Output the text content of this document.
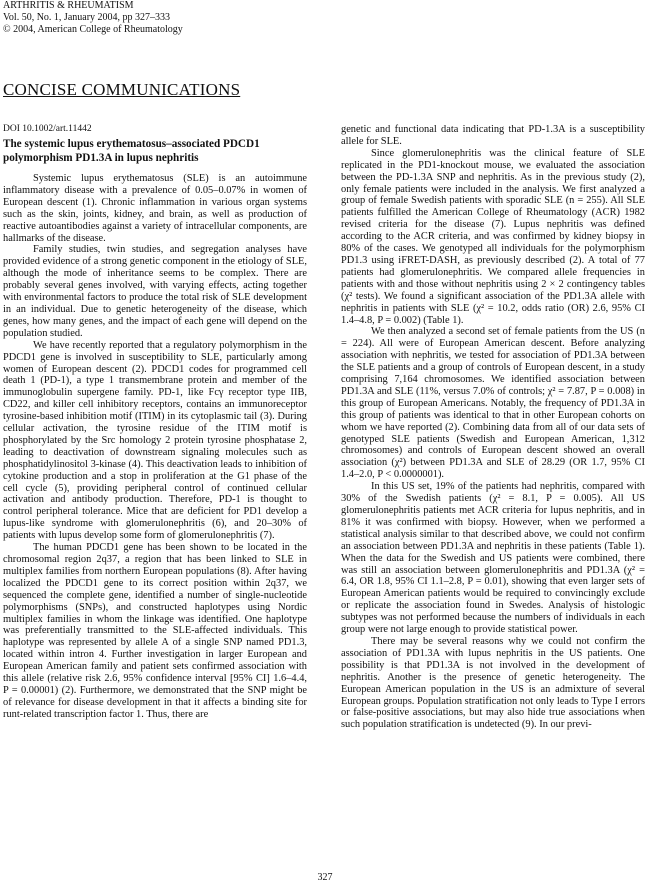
ARTHRITIS & RHEUMATISM
Vol. 50, No. 1, January 2004, pp 327–333
© 2004, American College of Rheumatology
CONCISE COMMUNICATIONS
DOI 10.1002/art.11442
The systemic lupus erythematosus–associated PDCD1 polymorphism PD1.3A in lupus nephritis

Systemic lupus erythematosus (SLE) is an autoimmune inflammatory disease with a prevalence of 0.05–0.07% in women of European descent (1). Chronic inflammation in various organ systems such as the skin, joints, kidney, and brain, as well as production of reactive autoantibodies against a variety of intracellular components, are hallmarks of the disease.

Family studies, twin studies, and segregation analyses have provided evidence of a strong genetic component in the etiology of SLE, although the mode of inheritance seems to be complex. There are probably several genes involved, with varying effects, acting together with environmental factors to produce the total risk of SLE development in an individual. Due to genetic heterogeneity of the disease, which genes, how many genes, and the impact of each gene will depend on the population studied.

We have recently reported that a regulatory polymorphism in the PDCD1 gene is involved in susceptibility to SLE, particularly among women of European descent (2). PDCD1 codes for programmed cell death 1 (PD-1), a type 1 transmembrane protein and member of the immunoglobulin supergene family. PD-1, like Fcγ receptor type IIB, CD22, and killer cell inhibitory receptors, contains an immunoreceptor tyrosine-based inhibition motif (ITIM) in its cytoplasmic tail (3). During cellular activation, the tyrosine residue of the ITIM motif is phosphorylated by the Src homology 2 protein tyrosine phosphatase 2, leading to deactivation of downstream signaling molecules such as phosphatidylinositol 3-kinase (4). This deactivation leads to inhibition of cytokine production and a stop in proliferation at the G1 phase of the cell cycle (5), providing peripheral control of continued cellular activation and antibody production. Therefore, PD-1 is thought to control peripheral tolerance. Mice that are deficient for PD1 develop a lupus-like syndrome with glomerulonephritis (6), and 20–30% of patients with lupus develop some form of glomerulonephritis (7).

The human PDCD1 gene has been shown to be located in the chromosomal region 2q37, a region that has been linked to SLE in multiplex families from northern European populations (8). After having localized the PDCD1 gene to its correct position within 2q37, we sequenced the complete gene, identified a number of single-nucleotide polymorphisms (SNPs), and constructed haplotypes using Nordic multiplex families in whom the linkage was identified. One haplotype was preferentially transmitted to the SLE-affected individuals. This haplotype was represented by allele A of a single SNP named PD1.3, located within intron 4. Further investigation in larger European and European American family and patient sets confirmed association with this allele (relative risk 2.6, 95% confidence interval [95% CI] 1.6–4.4, P = 0.00001) (2). Furthermore, we demonstrated that the SNP might be of relevance for disease development in that it affects a binding site for runt-related transcription factor 1. Thus, there are

genetic and functional data indicating that PD-1.3A is a susceptibility allele for SLE.

Since glomerulonephritis was the clinical feature of SLE replicated in the PD1-knockout mouse, we evaluated the association between the PD-1.3A SNP and nephritis. As in the previous study (2), only female patients were included in the analysis. We first analyzed a group of female Swedish patients with sporadic SLE (n = 255). All SLE patients fulfilled the American College of Rheumatology (ACR) 1982 revised criteria for the disease (7). Lupus nephritis was defined according to the ACR criteria, and was confirmed by kidney biopsy in 80% of the cases. We genotyped all individuals for the polymorphism PD1.3 using iFRET-DASH, as previously described (2). A total of 77 patients had glomerulonephritis. We compared allele frequencies in patients with and those without nephritis using 2 × 2 contingency tables (χ² tests). We found a significant association of the PD1.3A allele with nephritis in patients with SLE (χ² = 10.2, odds ratio (OR) 2.6, 95% CI 1.4–4.8, P = 0.002) (Table 1).

We then analyzed a second set of female patients from the US (n = 224). All were of European American descent. Before analyzing association with nephritis, we tested for association of PD1.3A between the SLE patients and a group of controls of European descent, in a study comprising 7,164 chromosomes. We identified association between PD1.3A and SLE (11%, versus 7.0% of controls; χ² = 7.87, P = 0.008) in this group of European Americans. Notably, the frequency of PD1.3A in this group of patients was identical to that in other European cohorts on whom we have reported (2). Combining data from all of our data sets of genotyped SLE patients (Swedish and European American, 1,312 chromosomes) and controls of European descent showed an overall association (χ²) between PD1.3A and SLE of 28.29 (OR 1.7, 95% CI 1.4–2.0, P < 0.0000001).

In this US set, 19% of the patients had nephritis, compared with 30% of the Swedish patients (χ² = 8.1, P = 0.005). All US glomerulonephritis patients met ACR criteria for lupus nephritis, and in 81% it was confirmed with biopsy. However, when we performed a statistical analysis similar to that described above, we could not confirm an association between PD1.3A and nephritis in these patients (Table 1). When the data for the Swedish and US patients were combined, there was still an association between glomerulonephritis and PD1.3A (χ² = 6.4, OR 1.8, 95% CI 1.1–2.8, P = 0.01), showing that even larger sets of European American patients would be required to convincingly exclude or replicate the association found in Swedes. Analysis of histologic subtypes was not performed because the numbers of individuals in each group were not large enough to provide statistical power.

There may be several reasons why we could not confirm the association of PD1.3A with lupus nephritis in the US patients. One possibility is that PD1.3A is not involved in the development of nephritis. Another is the presence of genetic heterogeneity. The European American population in the US is an admixture of several European groups. Population stratification not only leads to Type I errors or false-positive associations, but may also hide true associations when such population stratification is undetected (9). In our previ-

327
